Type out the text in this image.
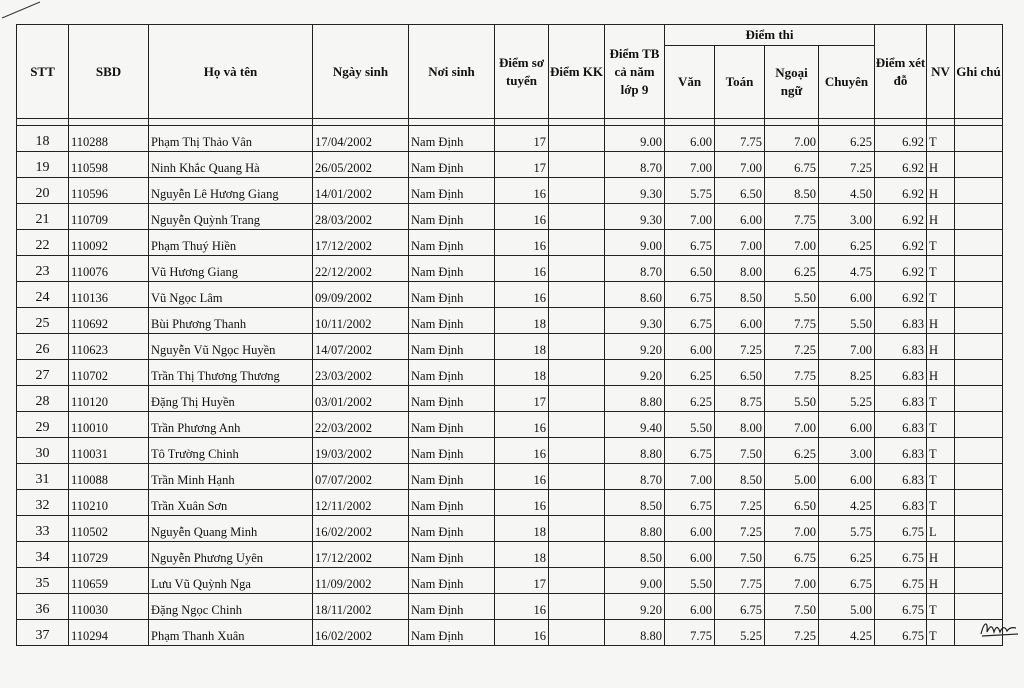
STT	SBD	Họ và tên	Ngày sinh	Nơi sinh	Điểm sơ tuyển	Điểm KK	Điểm TB cả năm lớp 9	Điểm thi				Điểm xét đỗ	NV	Ghi chú
								Văn	Toán	Ngoại ngữ	Chuyên			

18	110288	Phạm Thị Thảo Vân	17/04/2002	Nam Định	17		9.00	6.00	7.75	7.00	6.25	6.92	T	
19	110598	Ninh Khắc Quang Hà	26/05/2002	Nam Định	17		8.70	7.00	7.00	6.75	7.25	6.92	H	
20	110596	Nguyễn Lê Hương Giang	14/01/2002	Nam Định	16		9.30	5.75	6.50	8.50	4.50	6.92	H	
21	110709	Nguyễn Quỳnh Trang	28/03/2002	Nam Định	16		9.30	7.00	6.00	7.75	3.00	6.92	H	
22	110092	Phạm Thuý Hiền	17/12/2002	Nam Định	16		9.00	6.75	7.00	7.00	6.25	6.92	T	
23	110076	Vũ Hương Giang	22/12/2002	Nam Định	16		8.70	6.50	8.00	6.25	4.75	6.92	T	
24	110136	Vũ Ngọc Lâm	09/09/2002	Nam Định	16		8.60	6.75	8.50	5.50	6.00	6.92	T	
25	110692	Bùi Phương Thanh	10/11/2002	Nam Định	18		9.30	6.75	6.00	7.75	5.50	6.83	H	
26	110623	Nguyễn Vũ Ngọc Huyền	14/07/2002	Nam Định	18		9.20	6.00	7.25	7.25	7.00	6.83	H	
27	110702	Trần Thị Thương Thương	23/03/2002	Nam Định	18		9.20	6.25	6.50	7.75	8.25	6.83	H	
28	110120	Đặng Thị Huyền	03/01/2002	Nam Định	17		8.80	6.25	8.75	5.50	5.25	6.83	T	
29	110010	Trần Phương Anh	22/03/2002	Nam Định	16		9.40	5.50	8.00	7.00	6.00	6.83	T	
30	110031	Tô Trường Chinh	19/03/2002	Nam Định	16		8.80	6.75	7.50	6.25	3.00	6.83	T	
31	110088	Trần Minh Hạnh	07/07/2002	Nam Định	16		8.70	7.00	8.50	5.00	6.00	6.83	T	
32	110210	Trần Xuân Sơn	12/11/2002	Nam Định	16		8.50	6.75	7.25	6.50	4.25	6.83	T	
33	110502	Nguyễn Quang Minh	16/02/2002	Nam Định	18		8.80	6.00	7.25	7.00	5.75	6.75	L	
34	110729	Nguyễn Phương Uyên	17/12/2002	Nam Định	18		8.50	6.00	7.50	6.75	6.25	6.75	H	
35	110659	Lưu Vũ Quỳnh Nga	11/09/2002	Nam Định	17		9.00	5.50	7.75	7.00	6.75	6.75	H	
36	110030	Đặng Ngọc Chinh	18/11/2002	Nam Định	16		9.20	6.00	6.75	7.50	5.00	6.75	T	
37	110294	Phạm Thanh Xuân	16/02/2002	Nam Định	16		8.80	7.75	5.25	7.25	4.25	6.75	T	
